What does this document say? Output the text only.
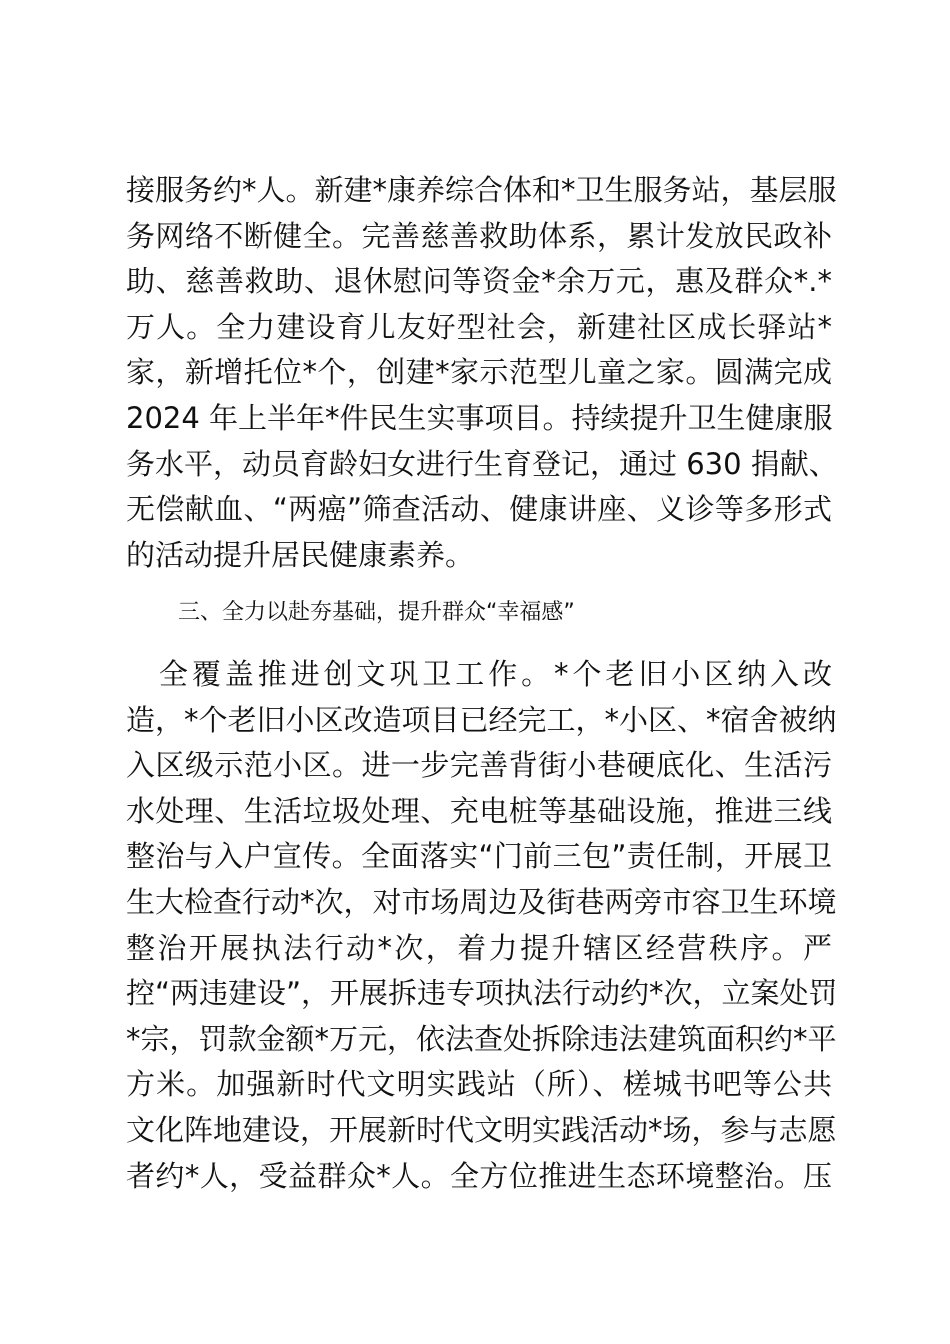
接服务约*人。新建*康养综合体和*卫生服务站，基层服
务网络不断健全。完善慈善救助体系，累计发放民政补
助、慈善救助、退休慰问等资金*余万元，惠及群众*.*
万人。全力建设育儿友好型社会，新建社区成长驿站*
家，新增托位*个，创建*家示范型儿童之家。圆满完成
2024 年上半年*件民生实事项目。持续提升卫生健康服
务水平，动员育龄妇女进行生育登记，通过 630 捐献、
无偿献血、“两癌”筛查活动、健康讲座、义诊等多形式
的活动提升居民健康素养。
三、全力以赴夯基础，提升群众“幸福感”
　全覆盖推进创文巩卫工作。*个老旧小区纳入改
造，*个老旧小区改造项目已经完工，*小区、*宿舍被纳
入区级示范小区。进一步完善背街小巷硬底化、生活污
水处理、生活垃圾处理、充电桩等基础设施，推进三线
整治与入户宣传。全面落实“门前三包”责任制，开展卫
生大检查行动*次，对市场周边及街巷两旁市容卫生环境
整治开展执法行动*次，着力提升辖区经营秩序。严
控“两违建设”，开展拆违专项执法行动约*次，立案处罚
*宗，罚款金额*万元，依法查处拆除违法建筑面积约*平
方米。加强新时代文明实践站（所）、槎城书吧等公共
文化阵地建设，开展新时代文明实践活动*场，参与志愿
者约*人，受益群众*人。全方位推进生态环境整治。压
